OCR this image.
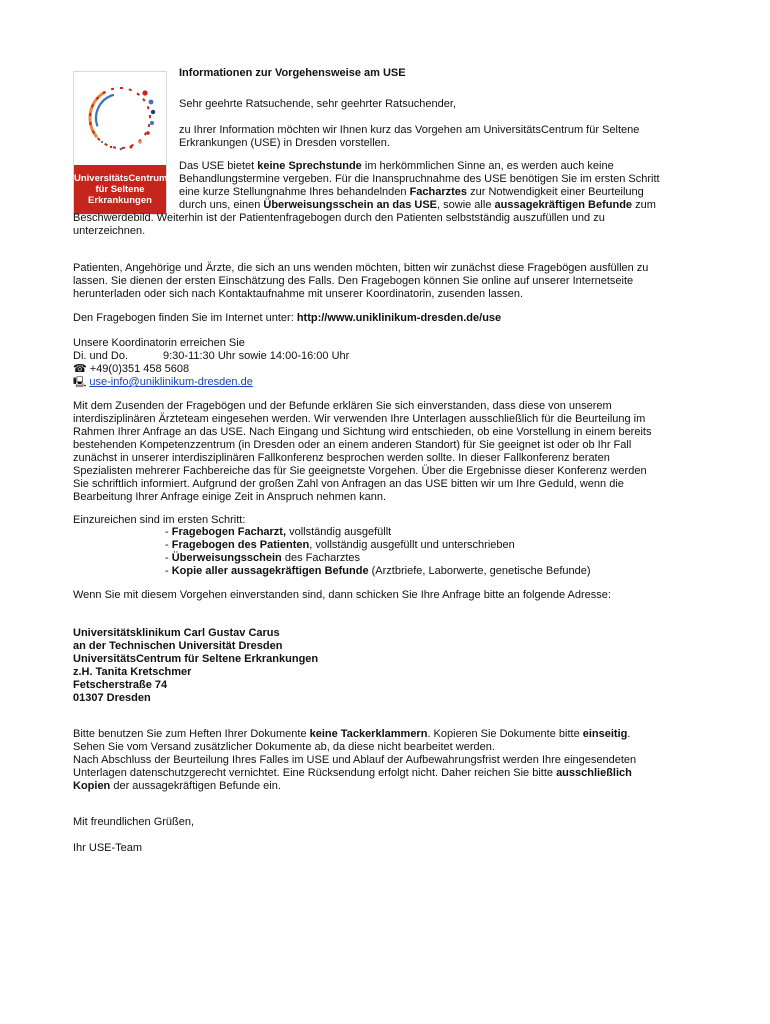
UniversitätsCentrum
für Seltene
Erkrankungen
Informationen zur Vorgehensweise am USE
Sehr geehrte Ratsuchende, sehr geehrter Ratsuchender,

zu Ihrer Information möchten wir Ihnen kurz das Vorgehen am UniversitätsCentrum für Seltene

Erkrankungen (USE) in Dresden vorstellen.

Das USE bietet keine Sprechstunde im herkömmlichen Sinne an, es werden auch keine

Behandlungstermine vergeben. Für die Inanspruchnahme des USE benötigen Sie im ersten Schritt

eine kurze Stellungnahme Ihres behandelnden Facharztes zur Notwendigkeit einer Beurteilung

durch uns, einen Überweisungsschein an das USE, sowie alle aussagekräftigen Befunde zum

Beschwerdebild. Weiterhin ist der Patientenfragebogen durch den Patienten selbstständig auszufüllen und zu

unterzeichnen.

Patienten, Angehörige und Ärzte, die sich an uns wenden möchten, bitten wir zunächst diese Fragebögen ausfüllen zu

lassen. Sie dienen der ersten Einschätzung des Falls. Den Fragebogen können Sie online auf unserer Internetseite

herunterladen oder sich nach Kontaktaufnahme mit unserer Koordinatorin, zusenden lassen.

Den Fragebogen finden Sie im Internet unter: http://www.uniklinikum-dresden.de/use

Unsere Koordinatorin erreichen Sie

Di. und Do.	9:30-11:30 Uhr sowie 14:00-16:00 Uhr

☎ +49(0)351 458 5608

🖳 use-info@uniklinikum-dresden.de

Mit dem Zusenden der Fragebögen und der Befunde erklären Sie sich einverstanden, dass diese von unserem

interdisziplinären Ärzteteam eingesehen werden. Wir verwenden Ihre Unterlagen ausschließlich für die Beurteilung im

Rahmen Ihrer Anfrage an das USE. Nach Eingang und Sichtung wird entschieden, ob eine Vorstellung in einem bereits

bestehenden Kompetenzzentrum (in Dresden oder an einem anderen Standort) für Sie geeignet ist oder ob Ihr Fall

zunächst in unserer interdisziplinären Fallkonferenz besprochen werden sollte. In dieser Fallkonferenz beraten

Spezialisten mehrerer Fachbereiche das für Sie geeignetste Vorgehen. Über die Ergebnisse dieser Konferenz werden

Sie schriftlich informiert. Aufgrund der großen Zahl von Anfragen an das USE bitten wir um Ihre Geduld, wenn die

Bearbeitung Ihrer Anfrage einige Zeit in Anspruch nehmen kann.

Einzureichen sind im ersten Schritt:

- Fragebogen Facharzt, vollständig ausgefüllt

- Fragebogen des Patienten, vollständig ausgefüllt und unterschrieben

- Überweisungsschein des Facharztes

- Kopie aller aussagekräftigen Befunde (Arztbriefe, Laborwerte, genetische Befunde)

Wenn Sie mit diesem Vorgehen einverstanden sind, dann schicken Sie Ihre Anfrage bitte an folgende Adresse:

Universitätsklinikum Carl Gustav Carus

an der Technischen Universität Dresden

UniversitätsCentrum für Seltene Erkrankungen

z.H. Tanita Kretschmer

Fetscherstraße 74

01307 Dresden

Bitte benutzen Sie zum Heften Ihrer Dokumente keine Tackerklammern. Kopieren Sie Dokumente bitte einseitig.

Sehen Sie vom Versand zusätzlicher Dokumente ab, da diese nicht bearbeitet werden.

Nach Abschluss der Beurteilung Ihres Falles im USE und Ablauf der Aufbewahrungsfrist werden Ihre eingesendeten

Unterlagen datenschutzgerecht vernichtet. Eine Rücksendung erfolgt nicht. Daher reichen Sie bitte ausschließlich

Kopien der aussagekräftigen Befunde ein.

Mit freundlichen Grüßen,
Ihr USE-Team
